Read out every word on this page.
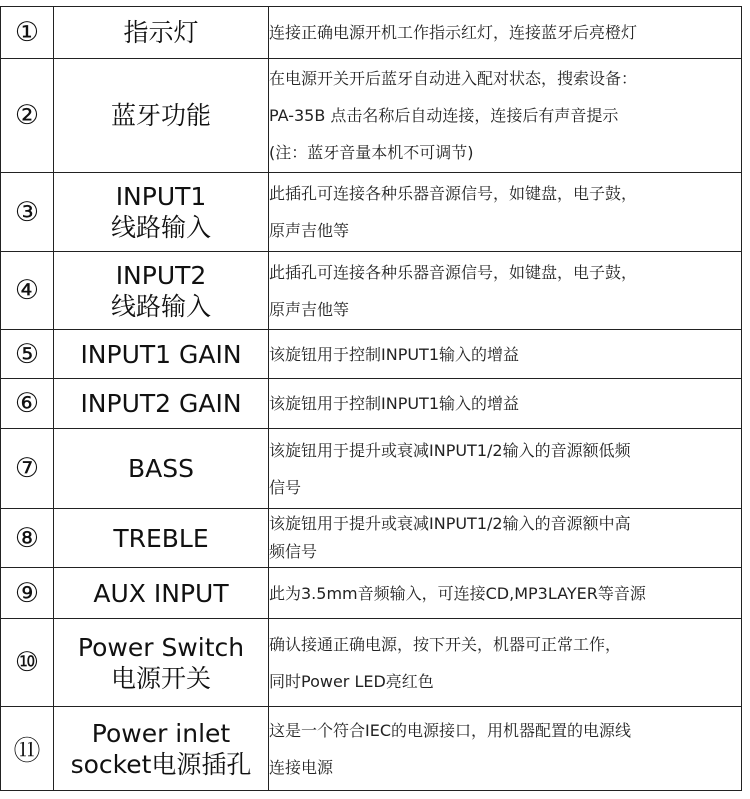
①	指示灯	连接正确电源开机工作指示红灯，连接蓝牙后亮橙灯

②	蓝牙功能	在电源开关开后蓝牙自动进入配对状态，搜索设备：
PA-35B 点击名称后自动连接，连接后有声音提示
(注：蓝牙音量本机不可调节)

③	INPUT1
线路输入	此插孔可连接各种乐器音源信号，如键盘，电子鼓，
原声吉他等

④	INPUT2
线路输入	此插孔可连接各种乐器音源信号，如键盘，电子鼓，
原声吉他等

⑤	INPUT1 GAIN	该旋钮用于控制INPUT1输入的增益

⑥	INPUT2 GAIN	该旋钮用于控制INPUT1输入的增益

⑦	BASS	该旋钮用于提升或衰减INPUT1/2输入的音源额低频
信号

⑧	TREBLE	该旋钮用于提升或衰减INPUT1/2输入的音源额中高
频信号

⑨	AUX INPUT	此为3.5mm音频输入，可连接CD,MP3LAYER等音源

⑩	Power Switch
电源开关	确认接通正确电源，按下开关，机器可正常工作，
同时Power LED亮红色

⑪	Power inlet
socket电源插孔	这是一个符合IEC的电源接口，用机器配置的电源线
连接电源
